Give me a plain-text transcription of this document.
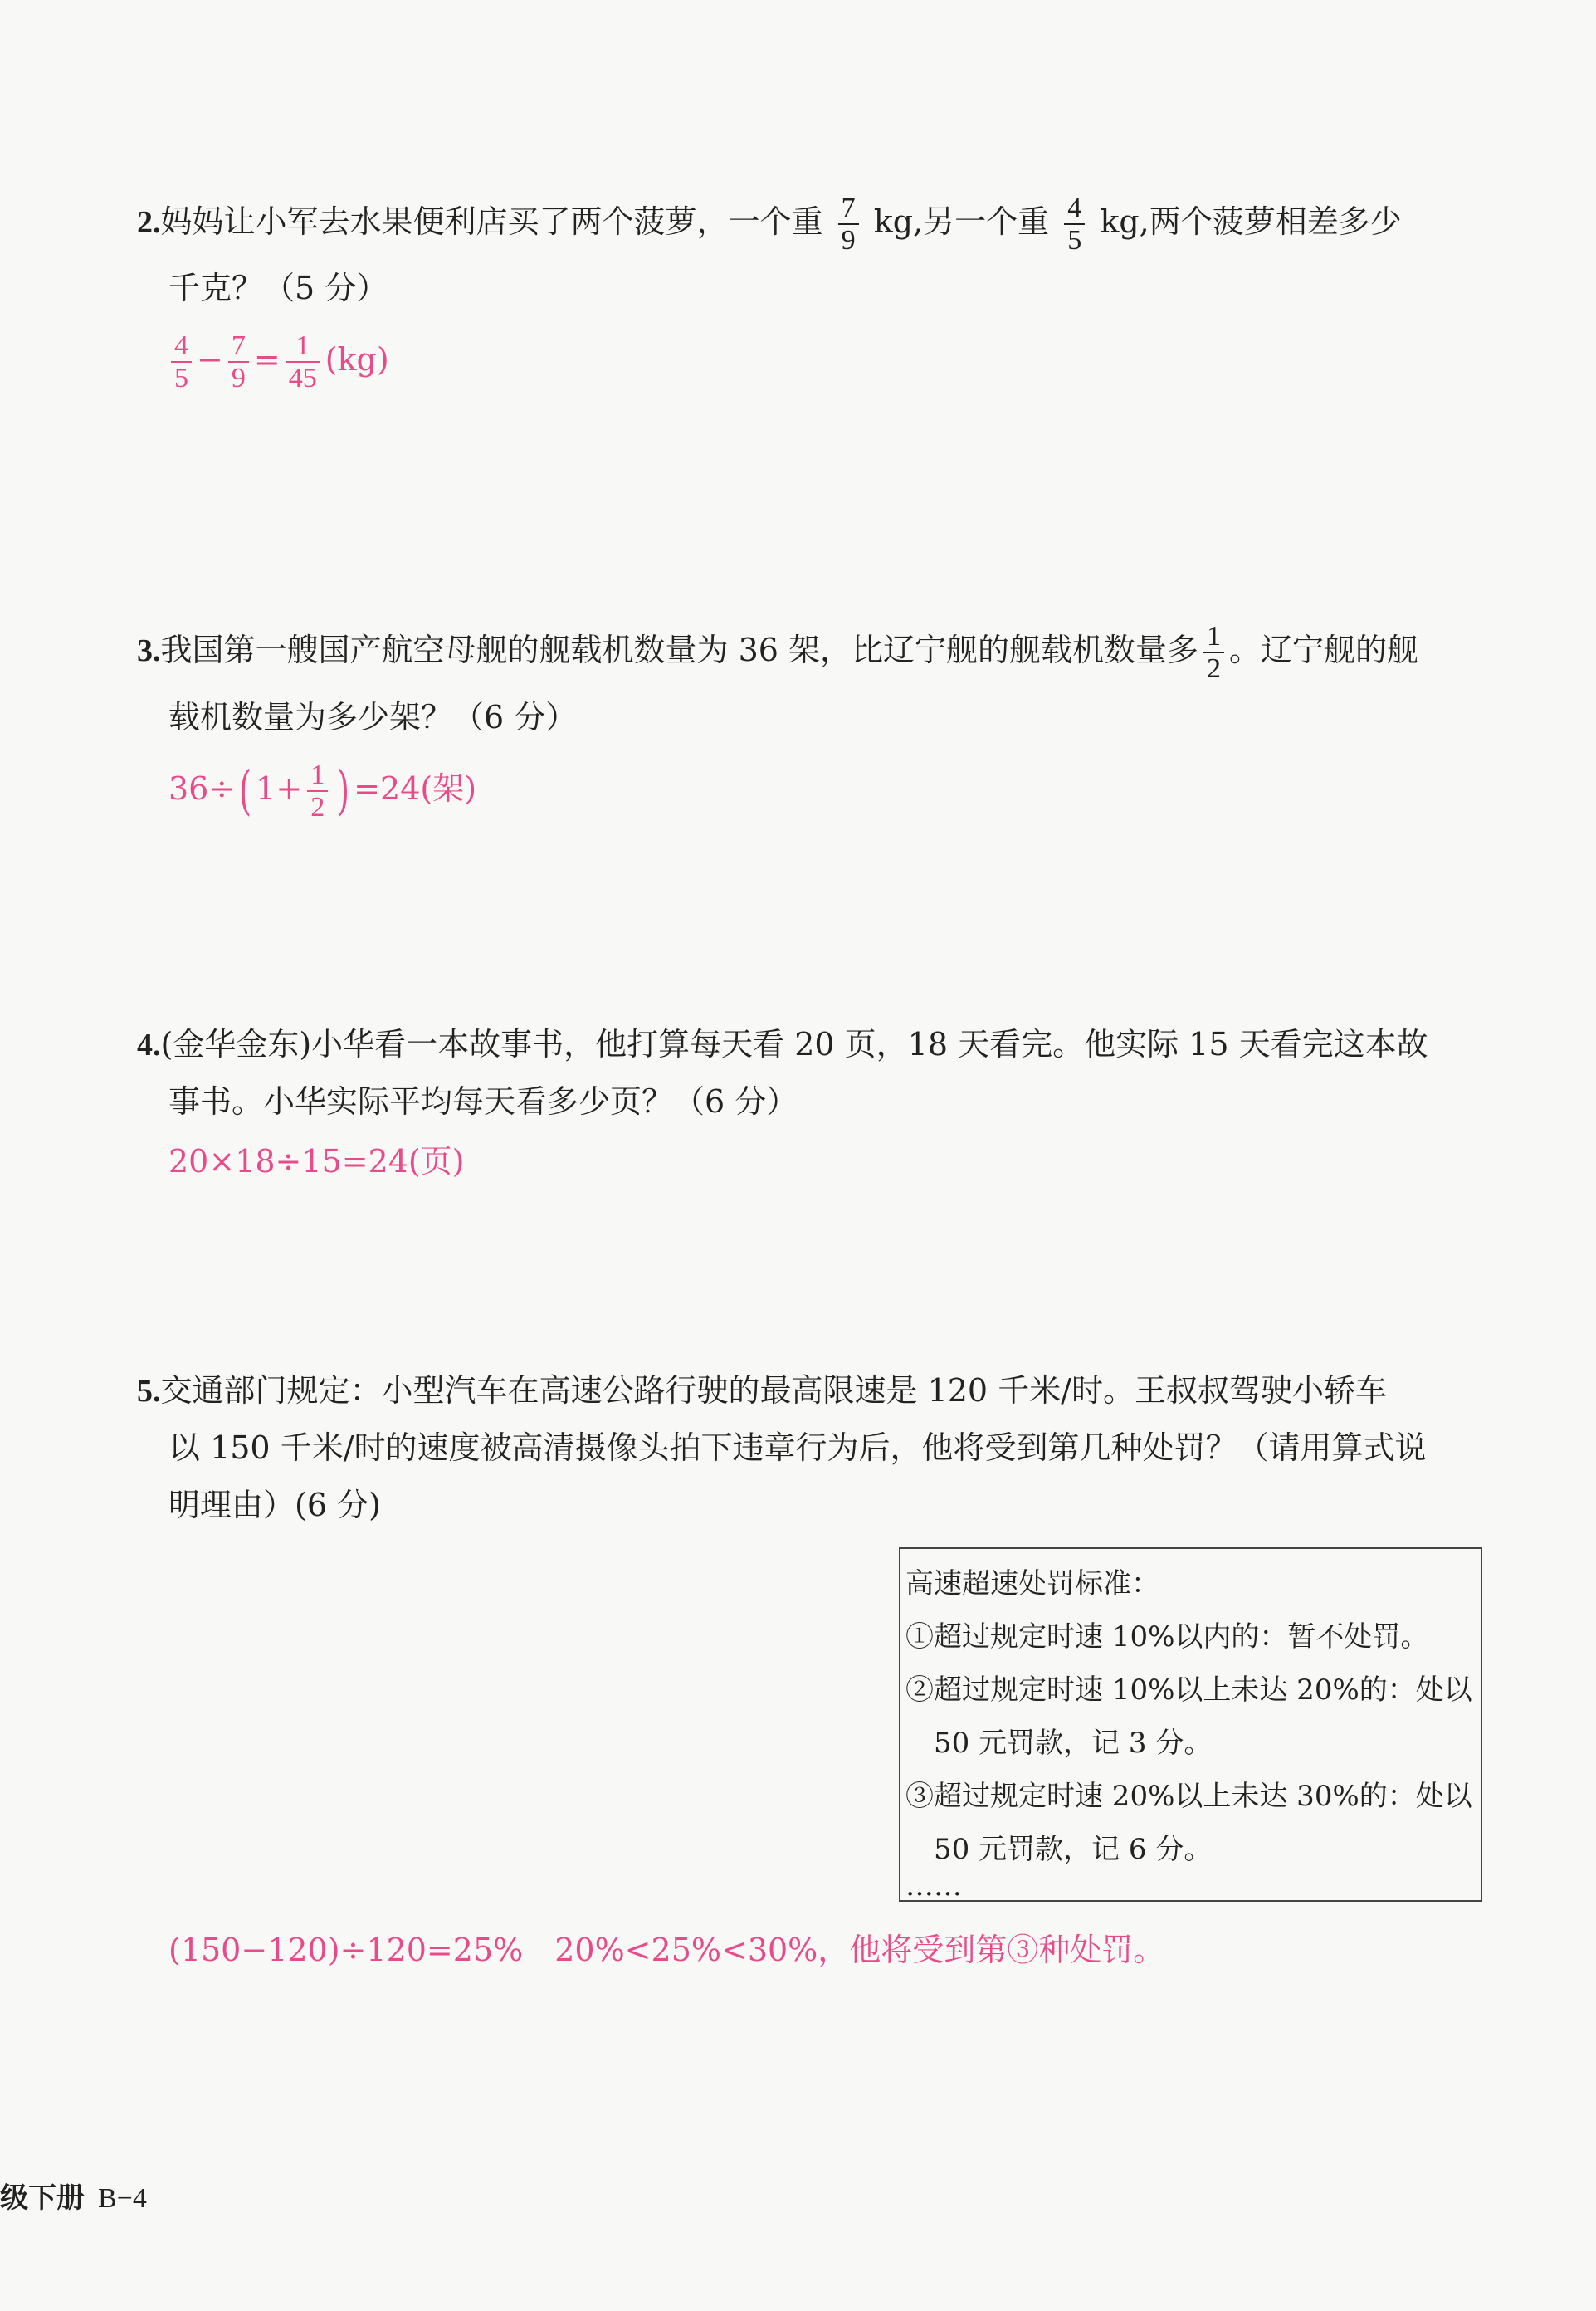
2.妈妈让小军去水果便利店买了两个菠萝，一个重 $\frac{7}{9}$ kg,另一个重 $\frac{4}{5}$ kg,两个菠萝相差多少
千克？（5 分）
$\frac{4}{5} - \frac{7}{9} = \frac{1}{45} (kg)$
3.我国第一艘国产航空母舰的舰载机数量为 36 架，比辽宁舰的舰载机数量多 $\frac{1}{2}$ 。辽宁舰的舰
载机数量为多少架？（6 分）
36÷( $1+ \frac{1}{2}$ ) =24(架)
4.(金华金东)小华看一本故事书，他打算每天看 20 页，18 天看完。他实际 15 天看完这本故
事书。小华实际平均每天看多少页？（6 分）
20×18÷15=24(页)
5.交通部门规定：小型汽车在高速公路行驶的最高限速是 120 千米/时。王叔叔驾驶小轿车
以 150 千米/时的速度被高清摄像头拍下违章行为后，他将受到第几种处罚？（请用算式说
明理由）(6 分)
高速超速处罚标准：
①超过规定时速 10%以内的：暂不处罚。
②超过规定时速 10%以上未达 20%的：处以
50 元罚款，记 3 分。
③超过规定时速 20%以上未达 30%的：处以
50 元罚款，记 6 分。
……
(150−120)÷120=25%　20%<25%<30%，他将受到第③种处罚。
级下册 B−4
